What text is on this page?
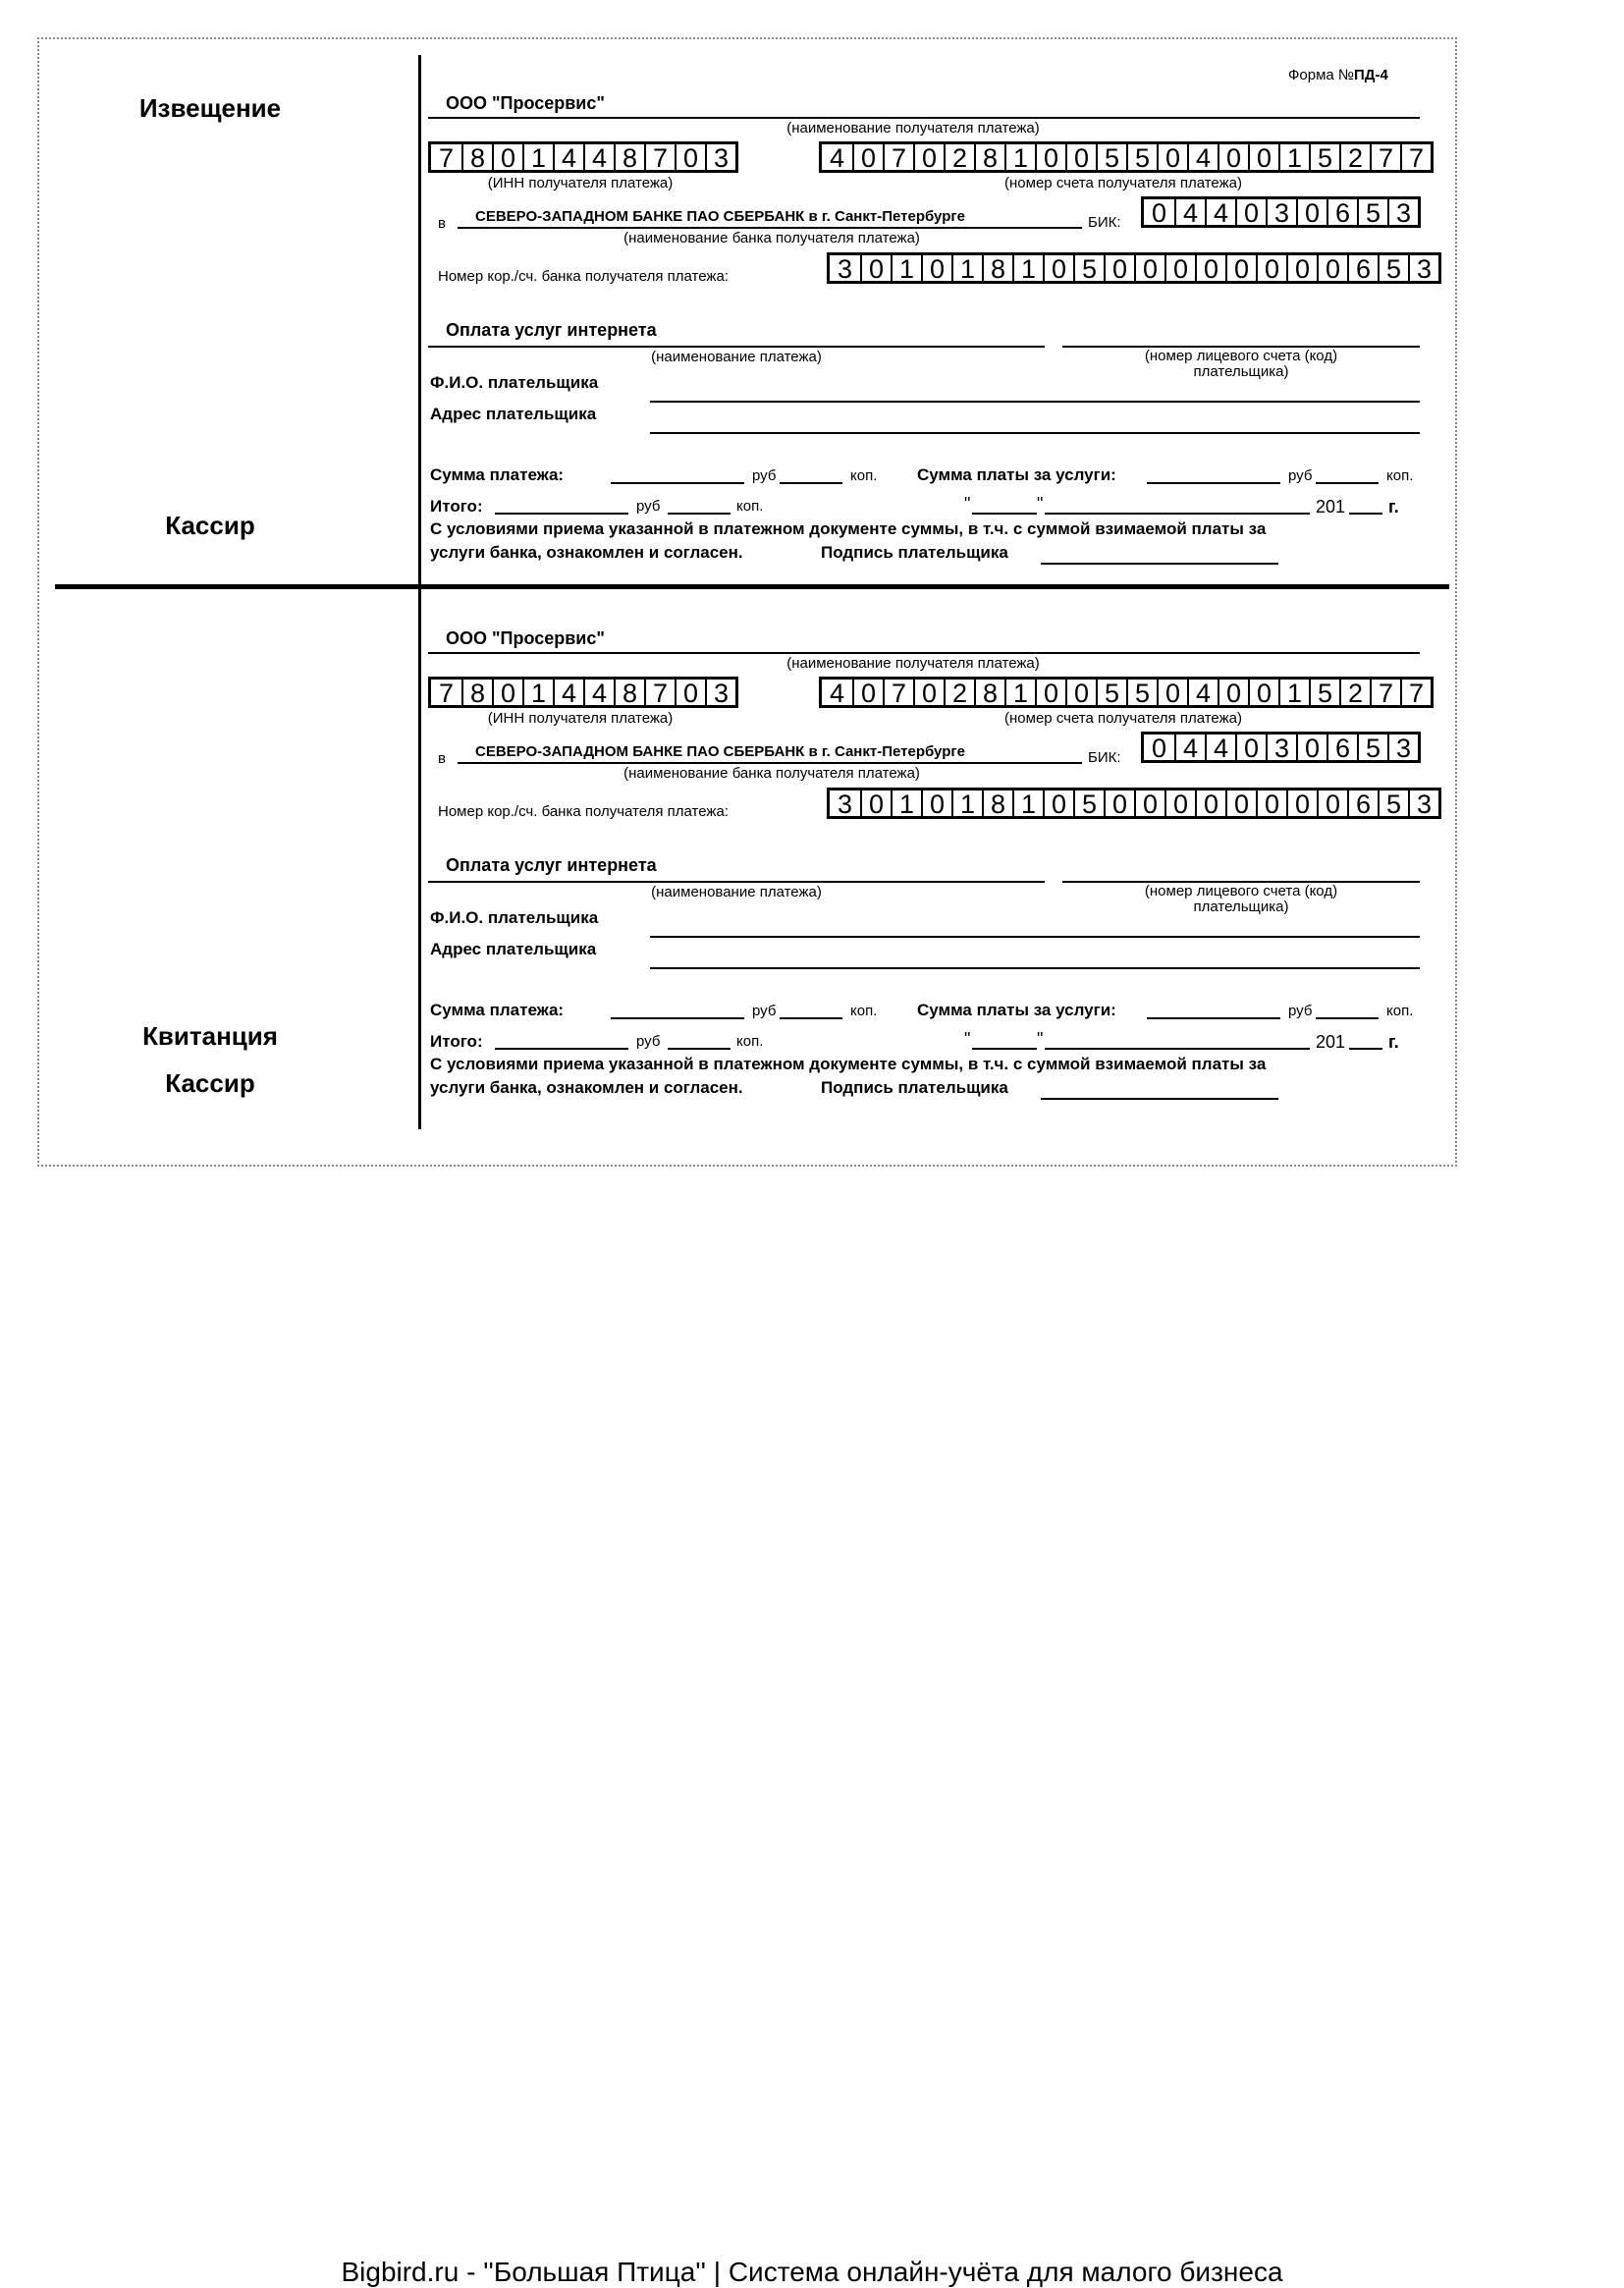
Форма №ПД-4
Извещение
Кассир
Квитанция
Кассир
ООО "Просервис"
(наименование получателя платежа)
7 8 0 1 4 4 8 7 0 3
(ИНН получателя платежа)
4 0 7 0 2 8 1 0 0 5 5 0 4 0 0 1 5 2 7 7
(номер счета получателя платежа)
в СЕВЕРО-ЗАПАДНОМ БАНКЕ ПАО СБЕРБАНК в г. Санкт-Петербурге
(наименование банка получателя платежа)
БИК: 0 4 4 0 3 0 6 5 3
Номер кор./сч. банка получателя платежа:	3 0 1 0 1 8 1 0 5 0 0 0 0 0 0 0 0 6 5 3
Оплата услуг интернета
(наименование платежа)	(номер лицевого счета (код)
плательщика)
Ф.И.О. плательщика
Адрес плательщика
Сумма платежа:	руб	коп. Сумма платы за услуги:	руб	коп.
Итого:	руб	коп.	"	"	201 г.
С условиями приема указанной в платежном документе суммы, в т.ч. с суммой взимаемой платы за
услуги банка, ознакомлен и согласен.	Подпись плательщика
ООО "Просервис"
(наименование получателя платежа)
7 8 0 1 4 4 8 7 0 3
(ИНН получателя платежа)
4 0 7 0 2 8 1 0 0 5 5 0 4 0 0 1 5 2 7 7
(номер счета получателя платежа)
в СЕВЕРО-ЗАПАДНОМ БАНКЕ ПАО СБЕРБАНК в г. Санкт-Петербурге
(наименование банка получателя платежа)
БИК: 0 4 4 0 3 0 6 5 3
Номер кор./сч. банка получателя платежа:	3 0 1 0 1 8 1 0 5 0 0 0 0 0 0 0 0 6 5 3
Оплата услуг интернета
(наименование платежа)	(номер лицевого счета (код)
плательщика)
Ф.И.О. плательщика
Адрес плательщика
Сумма платежа:	руб	коп. Сумма платы за услуги:	руб	коп.
Итого:	руб	коп.	"	"	201 г.
С условиями приема указанной в платежном документе суммы, в т.ч. с суммой взимаемой платы за
услуги банка, ознакомлен и согласен.	Подпись плательщика
Bigbird.ru - ''Большая Птица'' | Система онлайн-учёта для малого бизнеса
